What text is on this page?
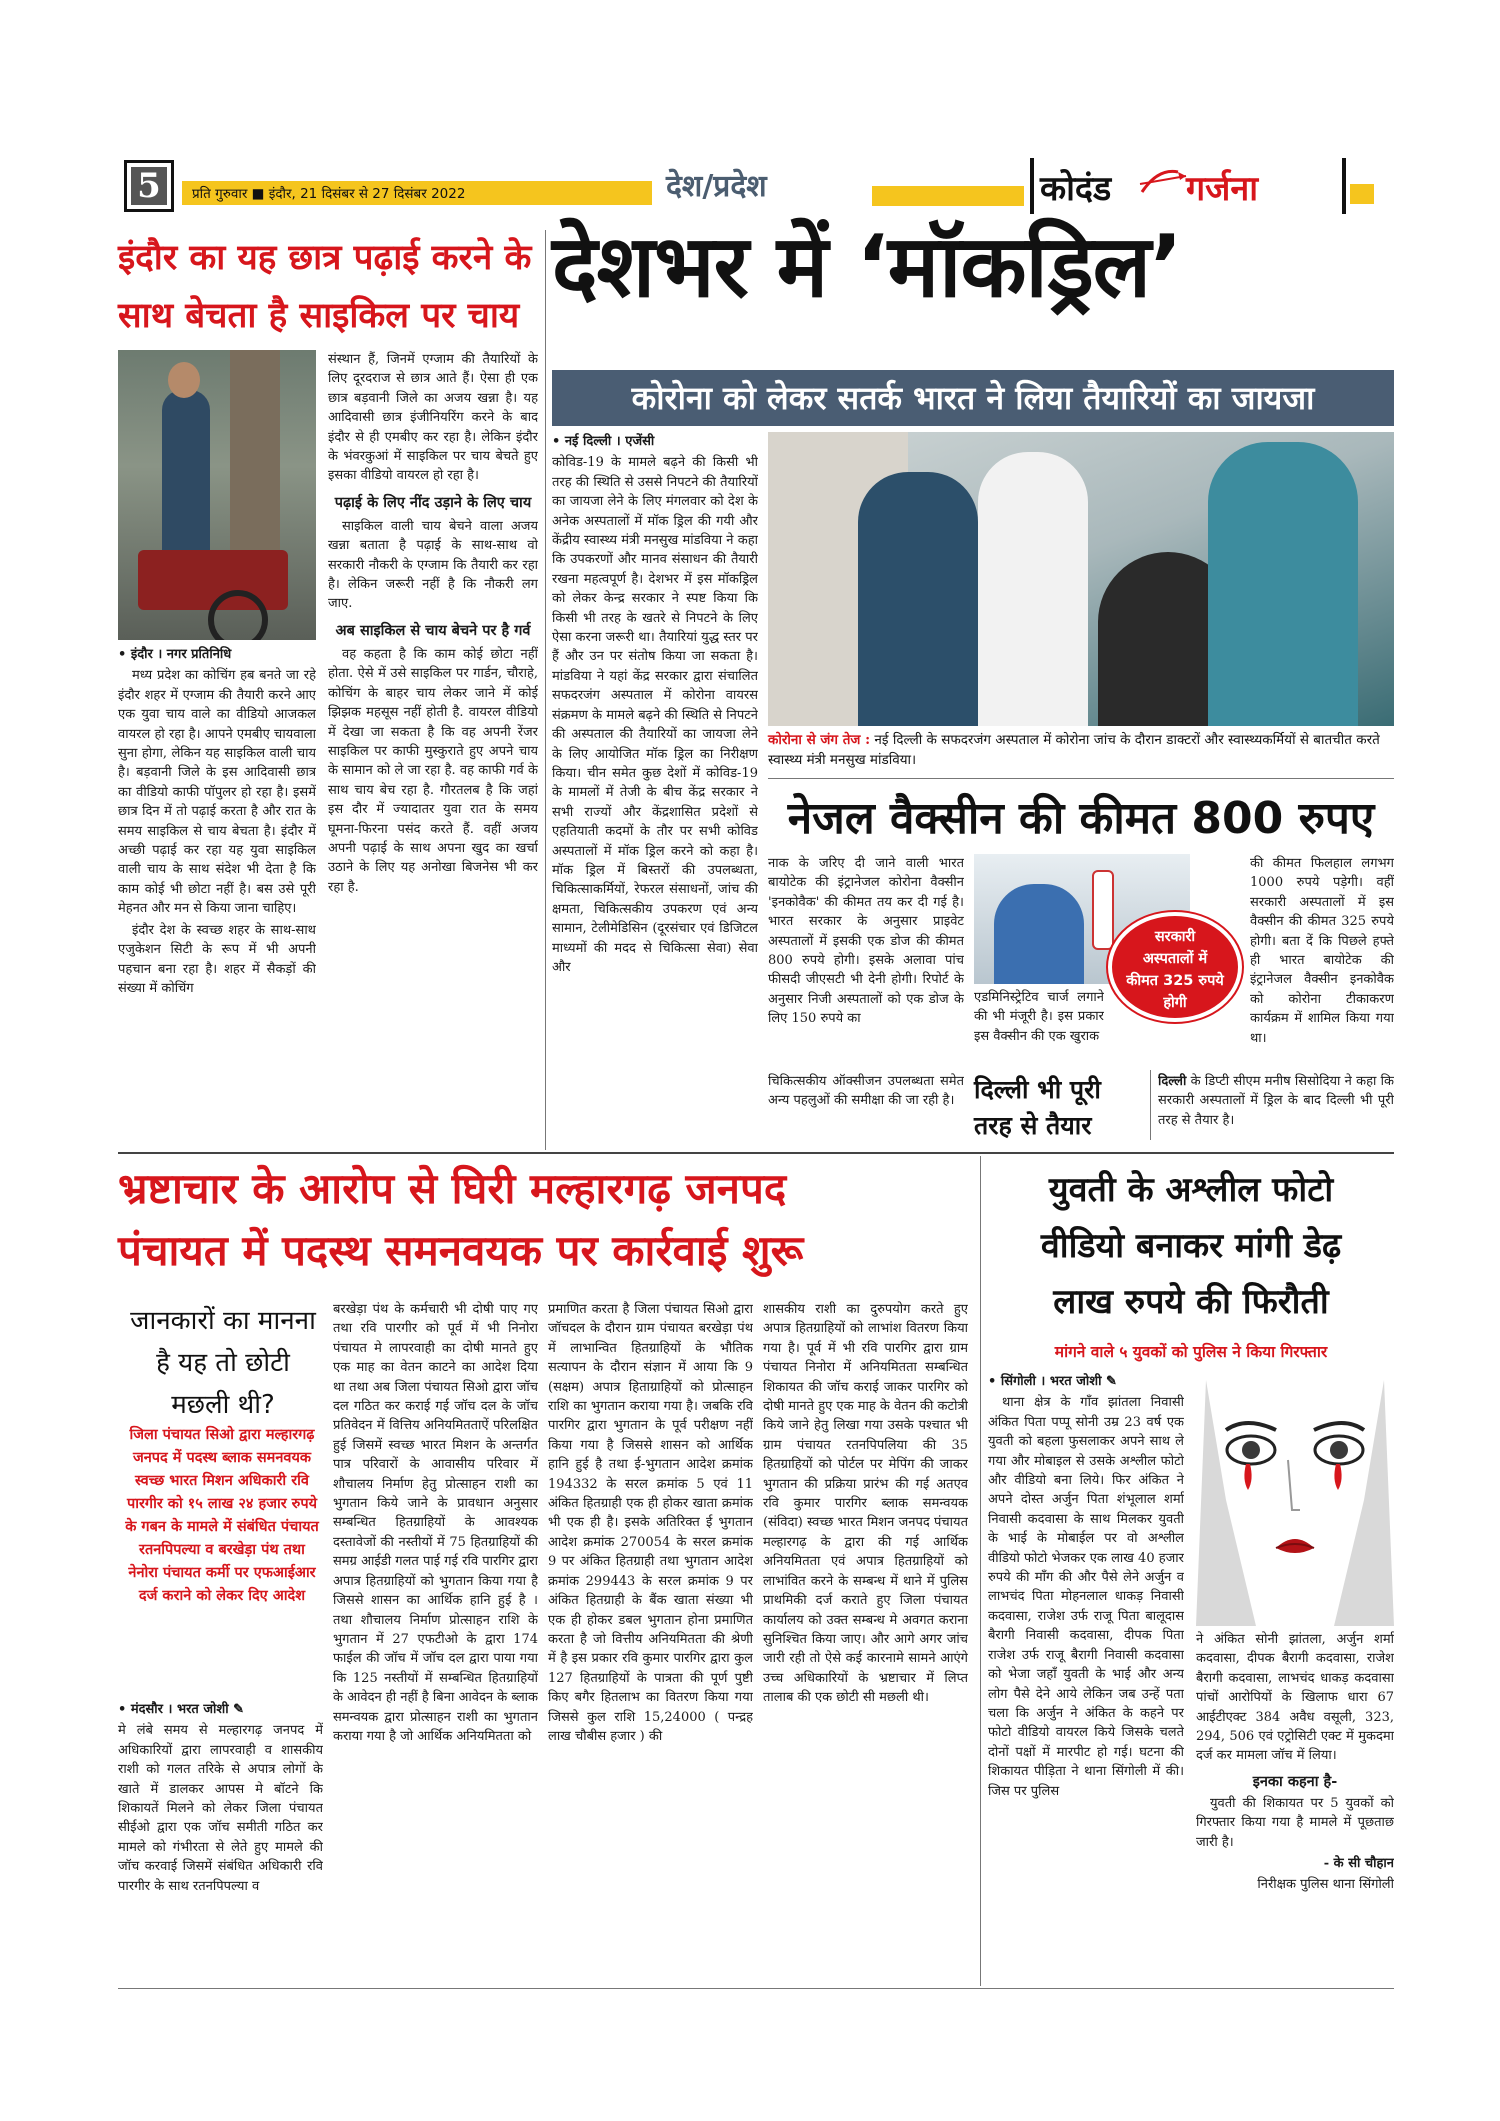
5	प्रति गुरुवार ■ इंदौर, 21 दिसंबर से 27 दिसंबर 2022	देश/प्रदेश	कोदंड गर्जना
इंदौर का यह छात्र पढ़ाई करने के
साथ बेचता है साइकिल पर चाय

• इंदौर । नगर प्रतिनिधि

मध्य प्रदेश का कोचिंग हब बनते जा रहे इंदौर शहर में एग्जाम की तैयारी करने आए एक युवा चाय वाले का वीडियो आजकल वायरल हो रहा है। आपने एमबीए चायवाला सुना होगा, लेकिन यह साइकिल वाली चाय है। बड़वानी जिले के इस आदिवासी छात्र का वीडियो काफी पॉपुलर हो रहा है। इसमें छात्र दिन में तो पढ़ाई करता है और रात के समय साइकिल से चाय बेचता है। इंदौर में अच्छी पढ़ाई कर रहा यह युवा साइकिल वाली चाय के साथ संदेश भी देता है कि काम कोई भी छोटा नहीं है। बस उसे पूरी मेहनत और मन से किया जाना चाहिए।

इंदौर देश के स्वच्छ शहर के साथ-साथ एजुकेशन सिटी के रूप में भी अपनी पहचान बना रहा है। शहर में सैकड़ों की संख्या में कोचिंग

संस्थान हैं, जिनमें एग्जाम की तैयारियों के लिए दूरदराज से छात्र आते हैं। ऐसा ही एक छात्र बड़वानी जिले का अजय खन्ना है। यह आदिवासी छात्र इंजीनियरिंग करने के बाद इंदौर से ही एमबीए कर रहा है। लेकिन इंदौर के भंवरकुआं में साइकिल पर चाय बेचते हुए इसका वीडियो वायरल हो रहा है।

पढ़ाई के लिए नींद उड़ाने के लिए चाय

साइकिल वाली चाय बेचने वाला अजय खन्ना बताता है पढ़ाई के साथ-साथ वो सरकारी नौकरी के एग्जाम कि तैयारी कर रहा है। लेकिन जरूरी नहीं है कि नौकरी लग जाए.

अब साइकिल से चाय बेचने पर है गर्व

वह कहता है कि काम कोई छोटा नहीं होता. ऐसे में उसे साइकिल पर गार्डन, चौराहे, कोचिंग के बाहर चाय लेकर जाने में कोई झिझक महसूस नहीं होती है. वायरल वीडियो में देखा जा सकता है कि वह अपनी रेंजर साइकिल पर काफी मुस्कुराते हुए अपने चाय के सामान को ले जा रहा है. वह काफी गर्व के साथ चाय बेच रहा है. गौरतलब है कि जहां इस दौर में ज्यादातर युवा रात के समय घूमना-फिरना पसंद करते हैं. वहीं अजय अपनी पढ़ाई के साथ अपना खुद का खर्चा उठाने के लिए यह अनोखा बिजनेस भी कर रहा है.

देशभर में ‘मॉकड्रिल’
कोरोना को लेकर सतर्क भारत ने लिया तैयारियों का जायजा

• नई दिल्ली । एजेंसी

कोविड-19 के मामले बढ़ने की किसी भी तरह की स्थिति से उससे निपटने की तैयारियों का जायजा लेने के लिए मंगलवार को देश के अनेक अस्पतालों में मॉक ड्रिल की गयी और केंद्रीय स्वास्थ्य मंत्री मनसुख मांडविया ने कहा कि उपकरणों और मानव संसाधन की तैयारी रखना महत्वपूर्ण है। देशभर में इस मॉकड्रिल को लेकर केन्द्र सरकार ने स्पष्ट किया कि किसी भी तरह के खतरे से निपटने के लिए ऐसा करना जरूरी था। तैयारियां युद्ध स्तर पर हैं और उन पर संतोष किया जा सकता है। मांडविया ने यहां केंद्र सरकार द्वारा संचालित सफदरजंग अस्पताल में कोरोना वायरस संक्रमण के मामले बढ़ने की स्थिति से निपटने की अस्पताल की तैयारियों का जायजा लेने के लिए आयोजित मॉक ड्रिल का निरीक्षण किया। चीन समेत कुछ देशों में कोविड-19 के मामलों में तेजी के बीच केंद्र सरकार ने सभी राज्यों और केंद्रशासित प्रदेशों से एहतियाती कदमों के तौर पर सभी कोविड अस्पतालों में मॉक ड्रिल करने को कहा है। मॉक ड्रिल में बिस्तरों की उपलब्धता, चिकित्साकर्मियों, रेफरल संसाधनों, जांच की क्षमता, चिकित्सकीय उपकरण एवं अन्य सामान, टेलीमेडिसिन (दूरसंचार एवं डिजिटल माध्यमों की मदद से चिकित्सा सेवा) सेवा और

कोरोना से जंग तेज : नई दिल्ली के सफदरजंग अस्पताल में कोरोना जांच के दौरान डाक्टरों और स्वास्थ्यकर्मियों से बातचीत करते स्वास्थ्य मंत्री मनसुख मांडविया।
नेजल वैक्सीन की कीमत 800 रुपए

नाक के जरिए दी जाने वाली भारत बायोटेक की इंट्रानेजल कोरोना वैक्सीन 'इनकोवैक' की कीमत तय कर दी गई है। भारत सरकार के अनुसार प्राइवेट अस्पतालों में इसकी एक डोज की कीमत 800 रुपये होगी। इसके अलावा पांच फीसदी जीएसटी भी देनी होगी। रिपोर्ट के अनुसार निजी अस्पतालों को एक डोज के लिए 150 रुपये का

सरकारी
अस्पतालों में
कीमत 325 रुपये
होगी

एडमिनिस्ट्रेटिव चार्ज लगाने की भी मंजूरी है। इस प्रकार इस वैक्सीन की एक खुराक

की कीमत फिलहाल लगभग 1000 रुपये पड़ेगी। वहीं सरकारी अस्पतालों में इस वैक्सीन की कीमत 325 रुपये होगी। बता दें कि पिछले हफ्ते ही भारत बायोटेक की इंट्रानेजल वैक्सीन इनकोवैक को कोरोना टीकाकरण कार्यक्रम में शामिल किया गया था।

चिकित्सकीय ऑक्सीजन उपलब्धता समेत अन्य पहलुओं की समीक्षा की जा रही है। दिल्ली भी पूरी
तरह से तैयार

दिल्ली के डिप्टी सीएम मनीष सिसोदिया ने कहा कि सरकारी अस्पतालों में ड्रिल के बाद दिल्ली भी पूरी तरह से तैयार है।

भ्रष्टाचार के आरोप से घिरी मल्हारगढ़ जनपद
पंचायत में पदस्थ समनवयक पर कार्रवाई शुरू
जानकारों का मानना है यह तो छोटी मछली थी?
जिला पंचायत सिओ द्वारा मल्हारगढ़ जनपद में पदस्थ ब्लाक समनवयक स्वच्छ भारत मिशन अधिकारी रवि पारगीर को १५ लाख २४ हजार रुपये के गबन के मामले में संबंधित पंचायत रतनपिपल्या व बरखेड़ा पंथ तथा नेनोरा पंचायत कर्मी पर एफआईआर दर्ज कराने को लेकर दिए आदेश

• मंदसौर । भरत जोशी ✎

मे लंबे समय से मल्हारगढ़ जनपद में अधिकारियों द्वारा लापरवाही व शासकीय राशी को गलत तरिके से अपात्र लोगों के खाते में डालकर आपस मे बॉटने कि शिकायतें मिलने को लेकर जिला पंचायत सीईओ द्वारा एक जॉच समीती गठित कर मामले को गंभीरता से लेते हुए मामले की जॉच करवाई जिसमें संबंधित अधिकारी रवि पारगीर के साथ रतनपिपल्या व

बरखेड़ा पंथ के कर्मचारी भी दोषी पाए गए तथा रवि पारगीर को पूर्व में भी निनोरा पंचायत मे लापरवाही का दोषी मानते हुए एक माह का वेतन काटने का आदेश दिया था तथा अब जिला पंचायत सिओ द्वारा जॉच दल गठित कर कराई गई जॉच दल के जॉच प्रतिवेदन में वित्तिय अनियमितताऐं परिलक्षित हुई जिसमें स्वच्छ भारत मिशन के अन्तर्गत पात्र परिवारों के आवासीय परिवार में शौचालय निर्माण हेतु प्रोत्साहन राशी का भुगतान किये जाने के प्रावधान अनुसार सम्बन्धित हितग्राहियों के आवश्यक दस्तावेजों की नस्तीयों में 75 हितग्राहियों की समग्र आईडी गलत पाई गई रवि पारगिर द्वारा अपात्र हितग्राहियों को भुगतान किया गया है जिससे शासन का आर्थिक हानि हुई है । तथा शौचालय निर्माण प्रोत्साहन राशि के भुगतान में 27 एफटीओ के द्वारा 174 फाईल की जॉच में जॉच दल द्वारा पाया गया कि 125 नस्तीयों में सम्बन्धित हितग्राहियों के आवेदन ही नहीं है बिना आवेदन के ब्लाक समन्वयक द्वारा प्रोत्साहन राशी का भुगतान कराया गया है जो आर्थिक अनियमितता को

प्रमाणित करता है जिला पंचायत सिओ द्वारा जॉचदल के दौरान ग्राम पंचायत बरखेड़ा पंथ में लाभान्वित हितग्राहियों के भौतिक सत्यापन के दौरान संज्ञान में आया कि 9 (सक्षम) अपात्र हिताग्राहियों को प्रोत्साहन राशि का भुगतान कराया गया है। जबकि रवि पारगिर द्वारा भुगतान के पूर्व परीक्षण नहीं किया गया है जिससे शासन को आर्थिक हानि हुई है तथा ई-भुगतान आदेश क्रमांक 194332 के सरल क्रमांक 5 एवं 11 अंकित हितग्राही एक ही होकर खाता क्रमांक भी एक ही है। इसके अतिरिक्त ई भुगतान आदेश क्रमांक 270054 के सरल क्रमांक 9 पर अंकित हितग्राही तथा भुगतान आदेश क्रमांक 299443 के सरल क्रमांक 9 पर अंकित हितग्राही के बैंक खाता संख्या भी एक ही होकर डबल भुगतान होना प्रमाणित करता है जो वित्तीय अनियमितता की श्रेणी में है इस प्रकार रवि कुमार पारगिर द्वारा कुल 127 हितग्राहियों के पात्रता की पूर्ण पुष्टी किए बगैर हितलाभ का वितरण किया गया जिससे कुल राशि 15,24000 ( पन्द्रह लाख चौबीस हजार ) की

शासकीय राशी का दुरुपयोग करते हुए अपात्र हितग्राहियों को लाभांश वितरण किया गया है। पूर्व में भी रवि पारगिर द्वारा ग्राम पंचायत निनोरा में अनियमितता सम्बन्धित शिकायत की जॉच कराई जाकर पारगिर को दोषी मानते हुए एक माह के वेतन की कटोत्री किये जाने हेतु लिखा गया उसके पश्चात भी ग्राम पंचायत रतनपिपलिया की 35 हितग्राहियों को पोर्टल पर मेपिंग की जाकर भुगतान की प्रक्रिया प्रारंभ की गई अतएव रवि कुमार पारगिर ब्लाक समन्वयक (संविदा) स्वच्छ भारत मिशन जनपद पंचायत मल्हारगढ़ के द्वारा की गई आर्थिक अनियमितता एवं अपात्र हितग्राहियों को लाभांवित करने के सम्बन्ध में थाने में पुलिस प्राथमिकी दर्ज कराते हुए जिला पंचायत कार्यालय को उक्त सम्बन्ध मे अवगत कराना सुनिश्चित किया जाए। और आगे अगर जांच जारी रही तो ऐसे कई कारनामे सामने आएंगे उच्च अधिकारियों के भ्रष्टाचार में लिप्त तालाब की एक छोटी सी मछली थी।

युवती के अश्लील फोटो
वीडियो बनाकर मांगी डेढ़
लाख रुपये की फिरौती
मांगने वाले ५ युवकों को पुलिस ने किया गिरफ्तार

• सिंगोली । भरत जोशी ✎

थाना क्षेत्र के गाँव झांतला निवासी अंकित पिता पप्पू सोनी उम्र 23 वर्ष एक युवती को बहला फुसलाकर अपने साथ ले गया और मोबाइल से उसके अश्लील फोटो और वीडियो बना लिये। फिर अंकित ने अपने दोस्त अर्जुन पिता शंभूलाल शर्मा निवासी कदवासा के साथ मिलकर युवती के भाई के मोबाईल पर वो अश्लील वीडियो फोटो भेजकर एक लाख 40 हजार रुपये की मॉंग की और पैसे लेने अर्जुन व लाभचंद पिता मोहनलाल धाकड़ निवासी कदवासा, राजेश उर्फ राजू पिता बालूदास बैरागी निवासी कदवासा, दीपक पिता राजेश उर्फ राजू बैरागी निवासी कदवासा को भेजा जहाँ युवती के भाई और अन्य लोग पैसे देने आये लेकिन जब उन्हें पता चला कि अर्जुन ने अंकित के कहने पर फोटो वीडियो वायरल किये जिसके चलते दोनों पक्षों में मारपीट हो गई। घटना की शिकायत पीड़िता ने थाना सिंगोली में की। जिस पर पुलिस

ने अंकित सोनी झांतला, अर्जुन शर्मा कदवासा, दीपक बैरागी कदवासा, राजेश बैरागी कदवासा, लाभचंद धाकड़ कदवासा पांचों आरोपियों के खिलाफ धारा 67 आईटीएक्ट 384 अवैध वसूली, 323, 294, 506 एवं एट्रोसिटी एक्ट में मुकदमा दर्ज कर मामला जॉच में लिया।

इनका कहना है-

युवती की शिकायत पर 5 युवकों को गिरफ्तार किया गया है मामले में पूछताछ जारी है।

- के सी चौहान

निरीक्षक पुलिस थाना सिंगोली
